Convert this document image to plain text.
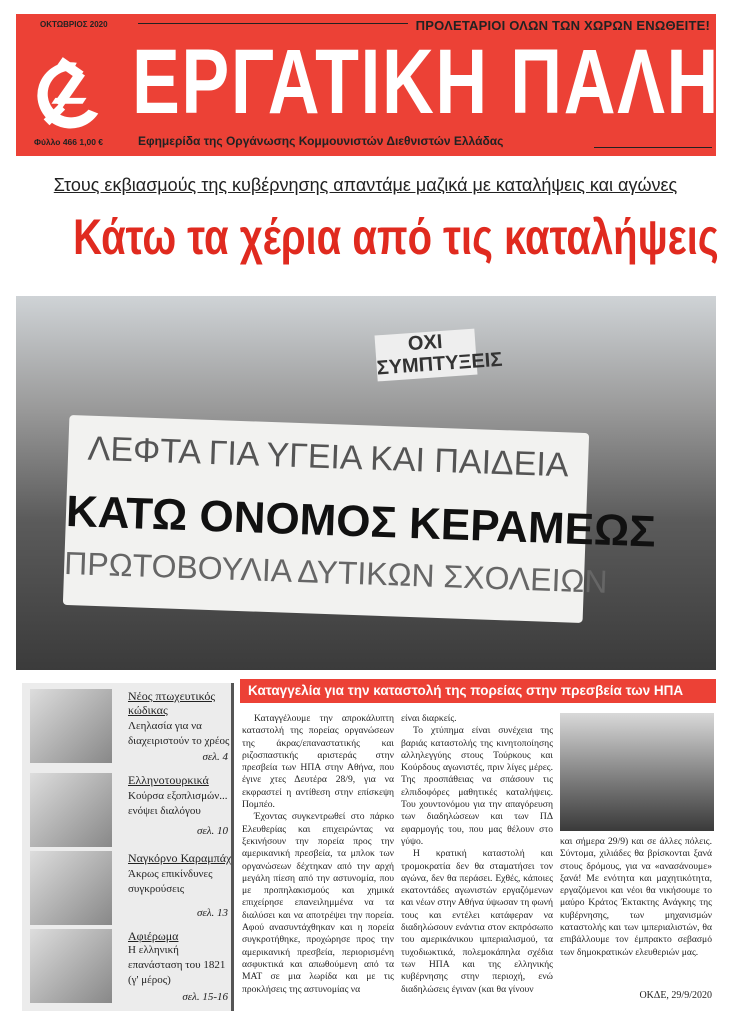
ΟΚΤΩΒΡΙΟΣ 2020	ΠΡΟΛΕΤΑΡΙΟΙ ΟΛΩΝ ΤΩΝ ΧΩΡΩΝ ΕΝΩΘΕΙΤΕ!
ΕΡΓΑΤΙΚΗ ΠΑΛΗ
Φύλλο 466 1,00 €	Εφημερίδα της Οργάνωσης Κομμουνιστών Διεθνιστών Ελλάδας
Στους εκβιασμούς της κυβέρνησης απαντάμε μαζικά με καταλήψεις και αγώνες
Κάτω τα χέρια από τις καταλήψεις
ΟΧΙ ΣΥΜΠΤΥΞΕΙΣ
ΛΕΦΤΑ ΓΙΑ ΥΓΕΙΑ ΚΑΙ ΠΑΙΔΕΙΑ
ΚΑΤΩ ΟΝΟΜΟΣ ΚΕΡΑΜΕΩΣ
ΠΡΩΤΟΒΟΥΛΙΑ ΔΥΤΙΚΩΝ ΣΧΟΛΕΙΩΝ
Νέος πτωχευτικός κώδικας
Λεηλασία για να διαχειριστούν το χρέος
σελ. 4
Ελληνοτουρκικά
Κούρσα εξοπλισμών... ενόψει διαλόγου
σελ. 10
Ναγκόρνο Καραμπάχ
Άκρως επικίνδυνες συγκρούσεις
σελ. 13
Αφιέρωμα
Η ελληνική επανάσταση του 1821 (γ' μέρος)
σελ. 15-16
Καταγγελία για την καταστολή της πορείας στην πρεσβεία των ΗΠΑ

Καταγγέλουμε την απροκάλυπτη καταστολή της πορείας οργανώσεων της άκρας/επαναστατικής και ριζοσπαστικής αριστεράς στην πρεσβεία των ΗΠΑ στην Αθήνα, που έγινε χτες Δευτέρα 28/9, για να εκφραστεί η αντίθεση στην επίσκεψη Πομπέο.

Έχοντας συγκεντρωθεί στο πάρκο Ελευθερίας και επιχειρώντας να ξεκινήσουν την πορεία προς την αμερικανική πρεσβεία, τα μπλοκ των οργανώσεων δέχτηκαν από την αρχή μεγάλη πίεση από την αστυνομία, που με προπηλακισμούς και χημικά επιχείρησε επανειλημμένα να τα διαλύσει και να αποτρέψει την πορεία. Αφού ανασυντάχθηκαν και η πορεία συγκροτήθηκε, προχώρησε προς την αμερικανική πρεσβεία, περιορισμένη ασφυκτικά και απωθούμενη από τα ΜΑΤ σε μια λωρίδα και με τις προκλήσεις της αστυνομίας να

είναι διαρκείς.

Το χτύπημα είναι συνέχεια της βαριάς καταστολής της κινητοποίησης αλληλεγγύης στους Τούρκους και Κούρδους αγωνιστές, πριν λίγες μέρες. Της προσπάθειας να σπάσουν τις ελπιδοφόρες μαθητικές καταλήψεις. Του χουντονόμου για την απαγόρευση των διαδηλώσεων και των ΠΔ εφαρμογής του, που μας θέλουν στο γύψο.

Η κρατική καταστολή και τρομοκρατία δεν θα σταματήσει τον αγώνα, δεν θα περάσει. Εχθές, κάποιες εκατοντάδες αγωνιστών εργαζόμενων και νέων στην Αθήνα ύψωσαν τη φωνή τους και εντέλει κατάφεραν να διαδηλώσουν ενάντια στον εκπρόσωπο του αμερικάνικου ιμπεριαλισμού, τα τυχοδιωκτικά, πολεμοκάπηλα σχέδια των ΗΠΑ και της ελληνικής κυβέρνησης στην περιοχή, ενώ διαδηλώσεις έγιναν (και θα γίνουν

και σήμερα 29/9) και σε άλλες πόλεις. Σύντομα, χιλιάδες θα βρίσκονται ξανά στους δρόμους, για να «ανασάνουμε» ξανά! Με ενότητα και μαχητικότητα, εργαζόμενοι και νέοι θα νικήσουμε το μαύρο Κράτος Έκτακτης Ανάγκης της κυβέρνησης, των μηχανισμών καταστολής και των ιμπεριαλιστών, θα επιβάλλουμε τον έμπρακτο σεβασμό των δημοκρατικών ελευθεριών μας.

ΟΚΔΕ, 29/9/2020
